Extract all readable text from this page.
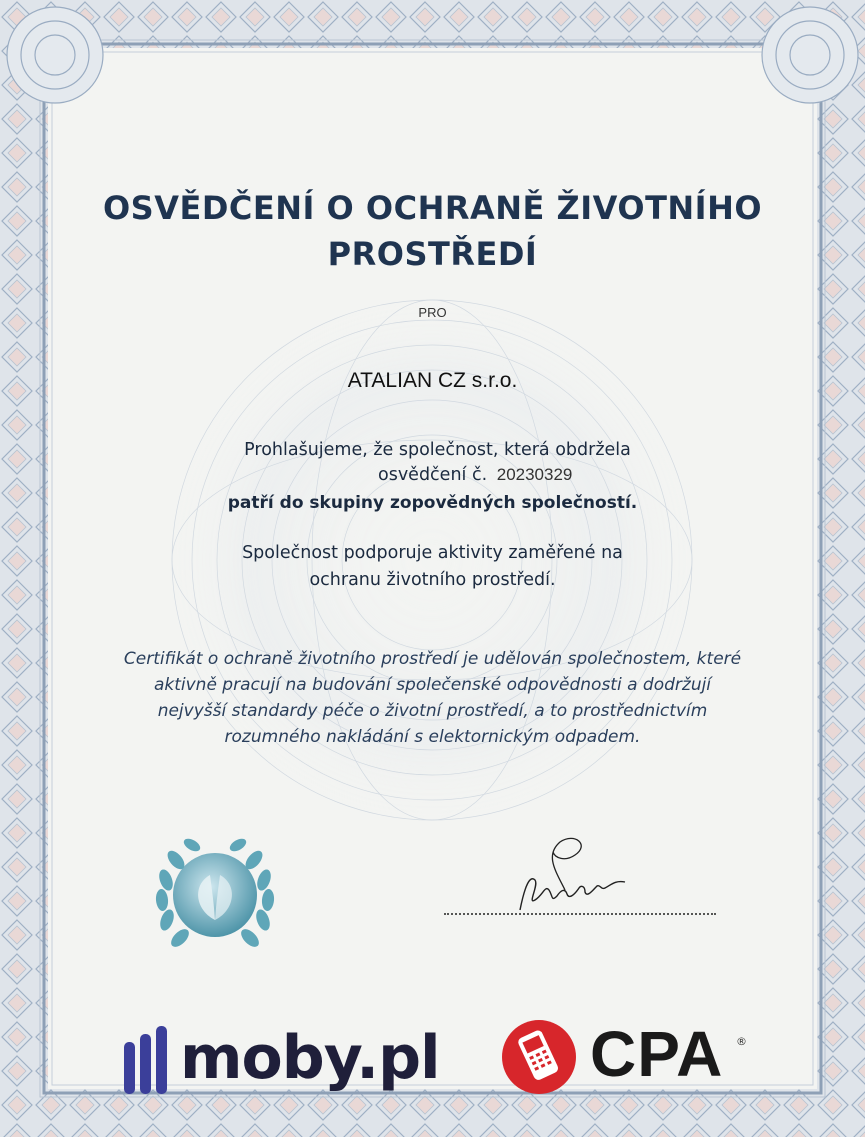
OSVĚDČENÍ O OCHRANĚ ŽIVOTNÍHO PROSTŘEDÍ
PRO
ATALIAN CZ s.r.o.
Prohlašujeme, že společnost, která obdržela
osvědčení č. 20230329
patří do skupiny zopovědných společností.
Společnost podporuje aktivity zaměřené na ochranu životního prostředí.
Certifikát o ochraně životního prostředí je udělován společnostem, které aktivně pracují na budování společenské odpovědnosti a dodržují nejvyšší standardy péče o životní prostředí, a to prostřednictvím rozumného nakládání s elektornickým odpadem.
moby.pl CPA ®
